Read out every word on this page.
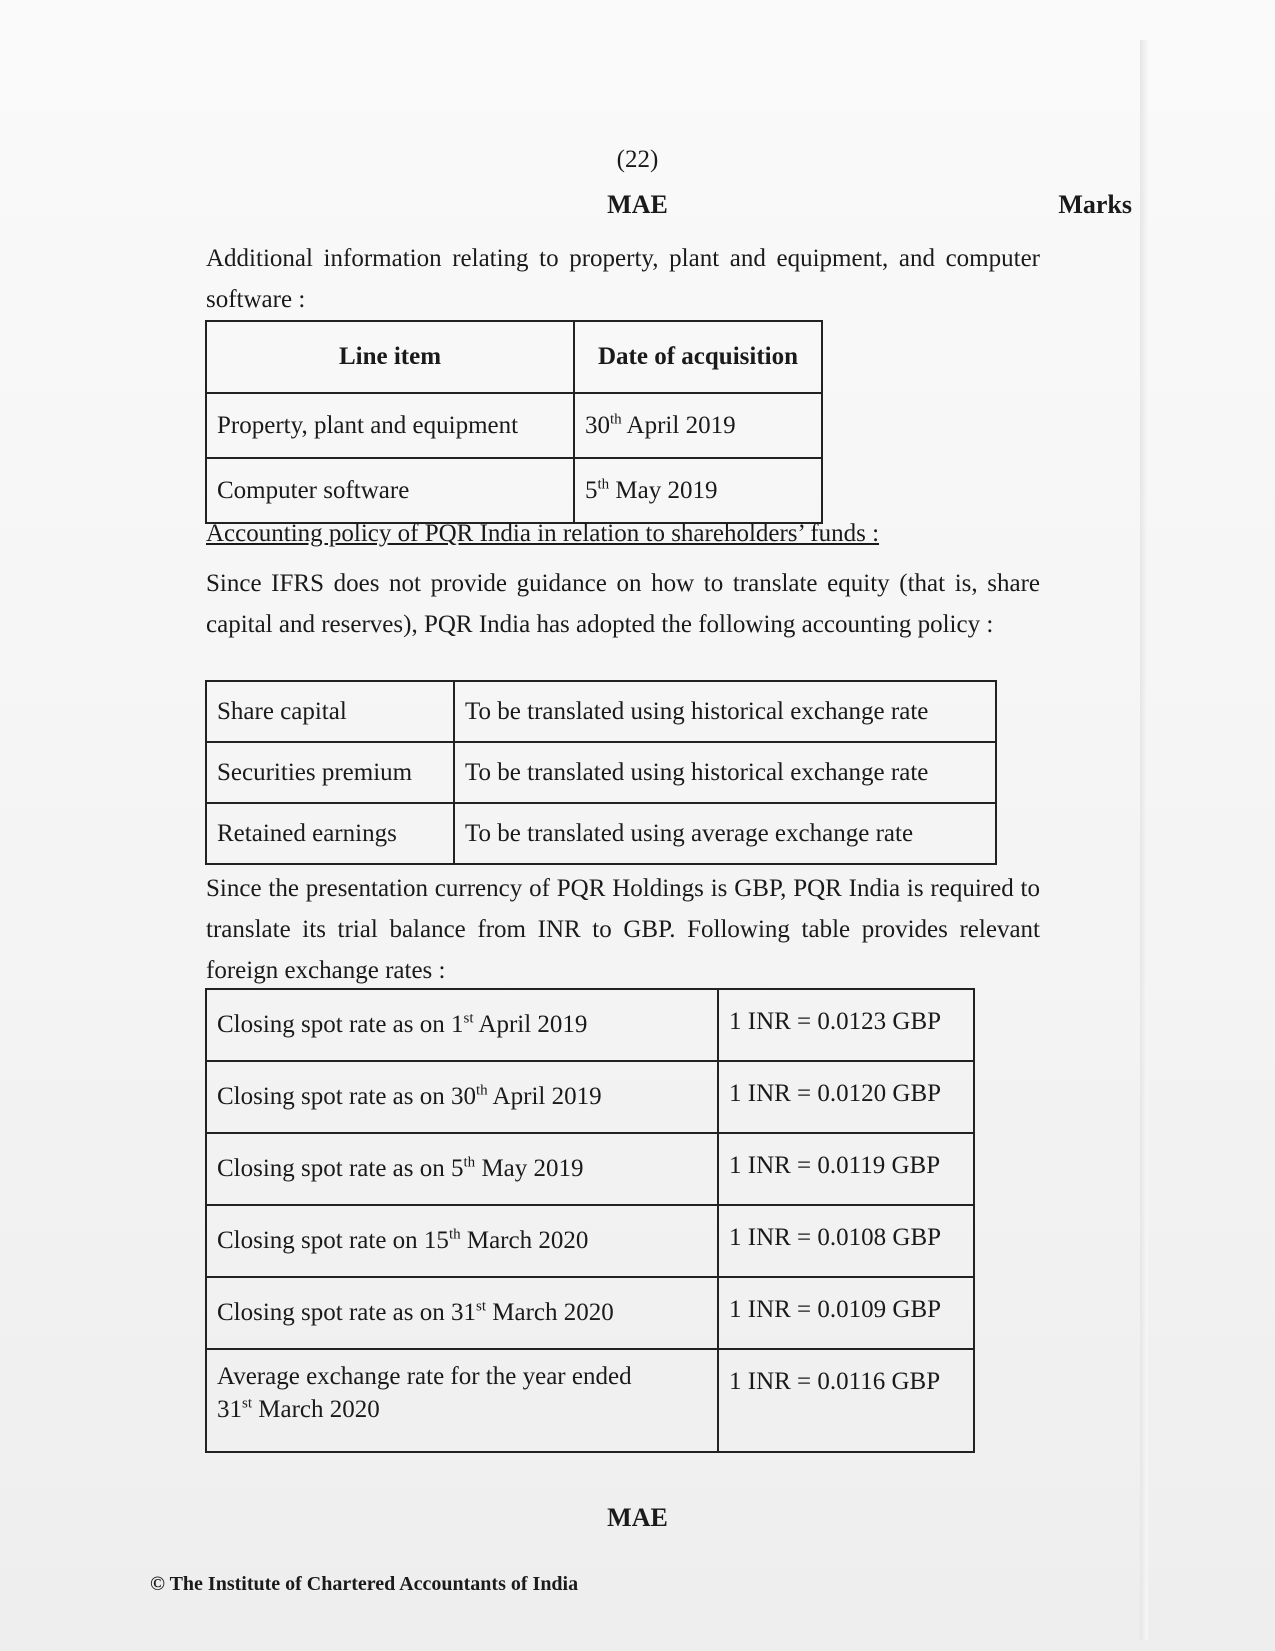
(22)
MAE	Marks
Additional information relating to property, plant and equipment, and computer software :
Line item	Date of acquisition
Property, plant and equipment	30th April 2019
Computer software	5th May 2019
Accounting policy of PQR India in relation to shareholders’ funds :
Since IFRS does not provide guidance on how to translate equity (that is, share capital and reserves), PQR India has adopted the following accounting policy :
Share capital	To be translated using historical exchange rate
Securities premium	To be translated using historical exchange rate
Retained earnings	To be translated using average exchange rate
Since the presentation currency of PQR Holdings is GBP, PQR India is required to translate its trial balance from INR to GBP. Following table provides relevant foreign exchange rates :
Closing spot rate as on 1st April 2019	1 INR = 0.0123 GBP
Closing spot rate as on 30th April 2019	1 INR = 0.0120 GBP
Closing spot rate as on 5th May 2019	1 INR = 0.0119 GBP
Closing spot rate on 15th March 2020	1 INR = 0.0108 GBP
Closing spot rate as on 31st March 2020	1 INR = 0.0109 GBP
Average exchange rate for the year ended
31st March 2020	1 INR = 0.0116 GBP
MAE
© The Institute of Chartered Accountants of India
